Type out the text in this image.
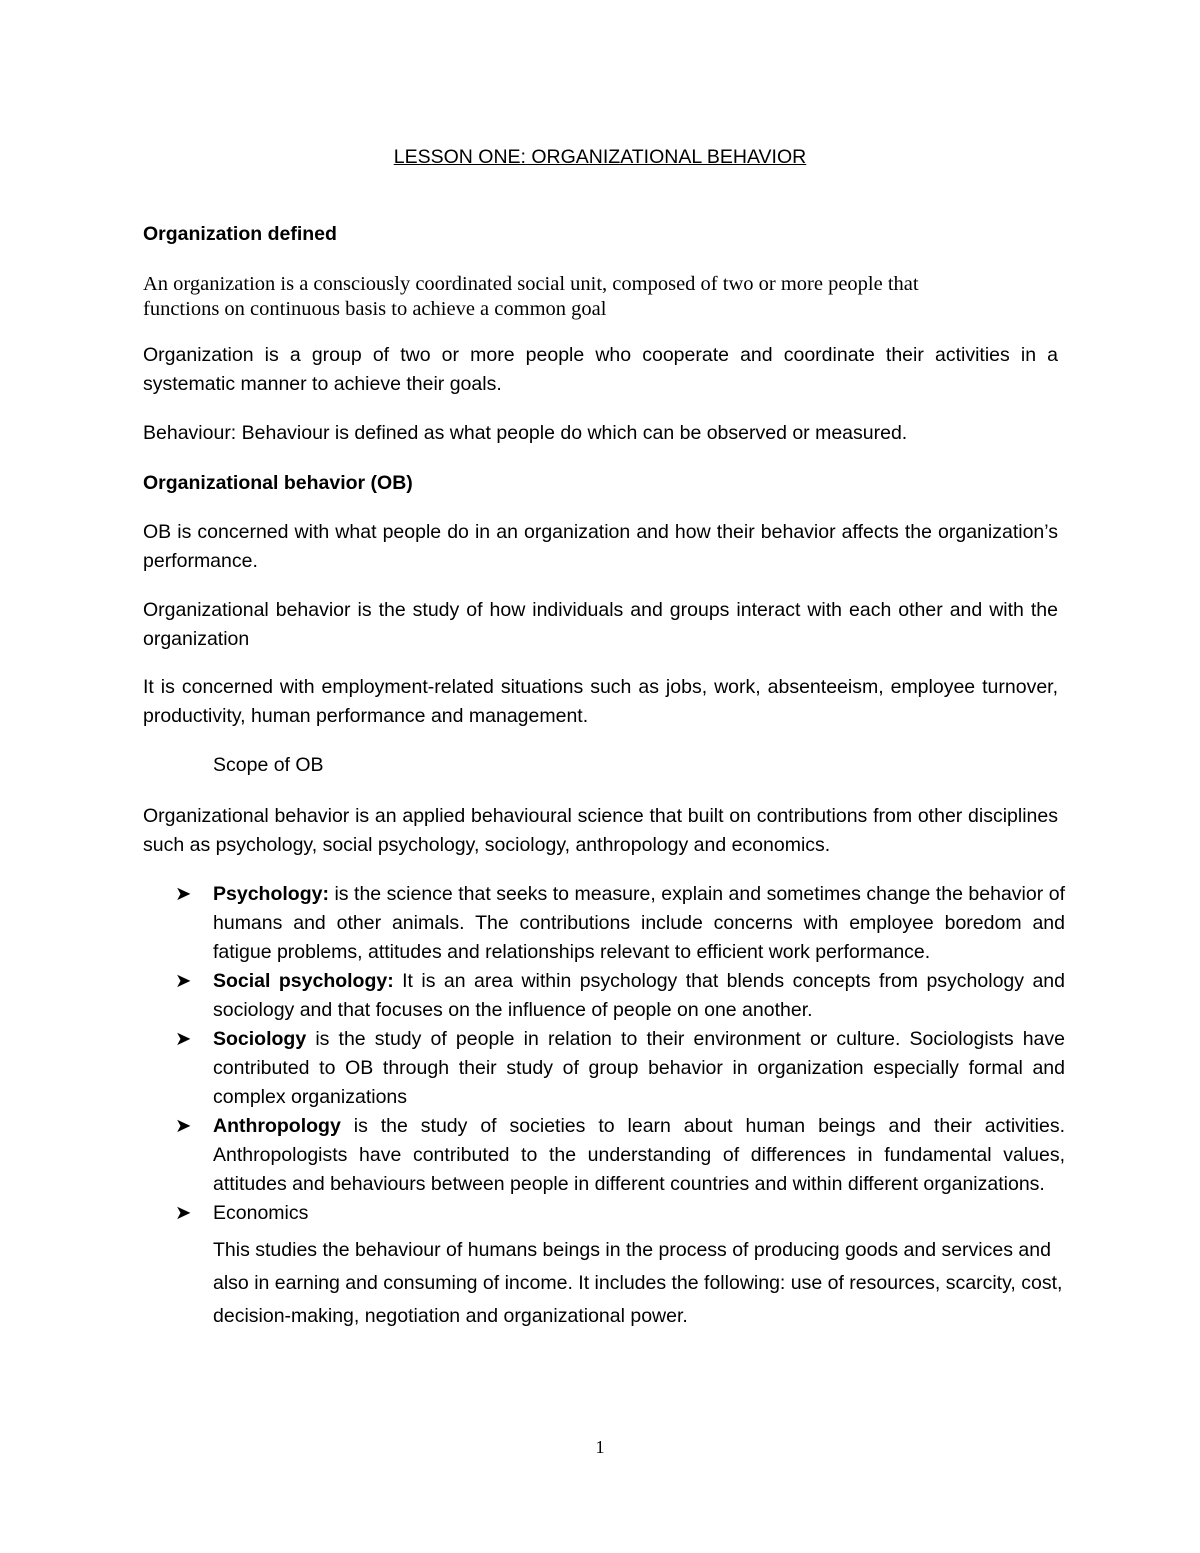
LESSON ONE: ORGANIZATIONAL BEHAVIOR

Organization defined

An organization is a consciously coordinated social unit, composed of two or more people that

functions on continuous basis to achieve a common goal

Organization is a group of two or more people who cooperate and coordinate their activities in a systematic manner to achieve their goals.

Behaviour: Behaviour is defined as what people do which can be observed or measured.

Organizational behavior (OB)

OB is concerned with what people do in an organization and how their behavior affects the organization’s performance.

Organizational behavior is the study of how individuals and groups interact with each other and with the organization

It is concerned with employment-related situations such as jobs, work, absenteeism, employee turnover, productivity, human performance and management.

Scope of OB

Organizational behavior is an applied behavioural science that built on contributions from other disciplines such as psychology, social psychology, sociology, anthropology and economics.

➤ Psychology: is the science that seeks to measure, explain and sometimes change the behavior of humans and other animals. The contributions include concerns with employee boredom and fatigue problems, attitudes and relationships relevant to efficient work performance.
➤ Social psychology: It is an area within psychology that blends concepts from psychology and sociology and that focuses on the influence of people on one another.
➤ Sociology is the study of people in relation to their environment or culture. Sociologists have contributed to OB through their study of group behavior in organization especially formal and complex organizations
➤ Anthropology is the study of societies to learn about human beings and their activities. Anthropologists have contributed to the understanding of differences in fundamental values, attitudes and behaviours between people in different countries and within different organizations.
➤ Economics

This studies the behaviour of humans beings in the process of producing goods and services and also in earning and consuming of income. It includes the following: use of resources, scarcity, cost, decision-making, negotiation and organizational power.

1
